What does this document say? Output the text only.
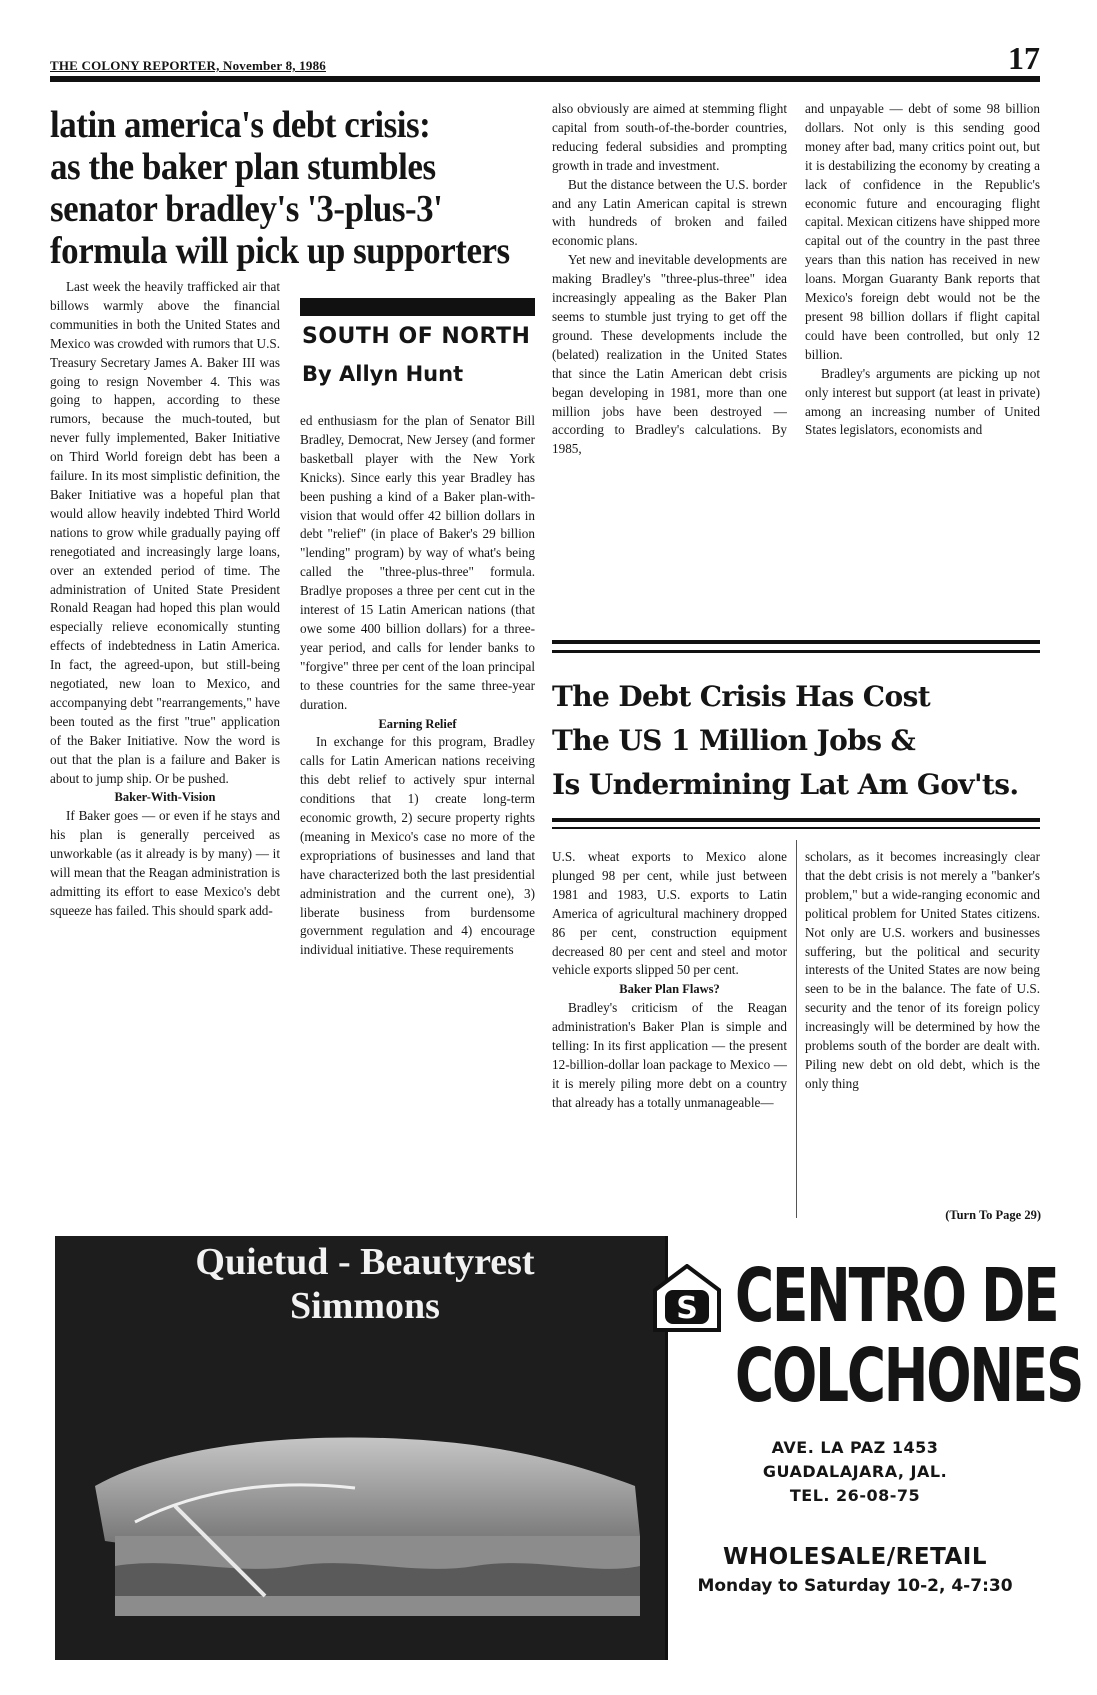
THE COLONY REPORTER, November 8, 1986	17
latin america's debt crisis:
as the baker plan stumbles
senator bradley's '3-plus-3'
formula will pick up supporters
SOUTH OF NORTH
By Allyn Hunt

Last week the heavily trafficked air that billows warmly above the financial communities in both the United States and Mexico was crowded with rumors that U.S. Treasury Secretary James A. Baker III was going to resign November 4. This was going to happen, according to these rumors, because the much-touted, but never fully implemented, Baker Initiative on Third World foreign debt has been a failure. In its most simplistic definition, the Baker Initiative was a hopeful plan that would allow heavily indebted Third World nations to grow while gradually paying off renegotiated and increasingly large loans, over an extended period of time. The administration of United State President Ronald Reagan had hoped this plan would especially relieve economically stunting effects of indebtedness in Latin America. In fact, the agreed-upon, but still-being negotiated, new loan to Mexico, and accompanying debt "rearrangements," have been touted as the first "true" application of the Baker Initiative. Now the word is out that the plan is a failure and Baker is about to jump ship. Or be pushed.

Baker-With-Vision

If Baker goes — or even if he stays and his plan is generally perceived as unworkable (as it already is by many) — it will mean that the Reagan administration is admitting its effort to ease Mexico's debt squeeze has failed. This should spark add-

ed enthusiasm for the plan of Senator Bill Bradley, Democrat, New Jersey (and former basketball player with the New York Knicks). Since early this year Bradley has been pushing a kind of a Baker plan-with-vision that would offer 42 billion dollars in debt "relief" (in place of Baker's 29 billion "lending" program) by way of what's being called the "three-plus-three" formula. Bradlye proposes a three per cent cut in the interest of 15 Latin American nations (that owe some 400 billion dollars) for a three-year period, and calls for lender banks to "forgive" three per cent of the loan principal to these countries for the same three-year duration.

Earning Relief

In exchange for this program, Bradley calls for Latin American nations receiving this debt relief to actively spur internal conditions that 1) create long-term economic growth, 2) secure property rights (meaning in Mexico's case no more of the expropriations of businesses and land that have characterized both the last presidential administration and the current one), 3) liberate business from burdensome government regulation and 4) encourage individual initiative. These requirements

also obviously are aimed at stemming flight capital from south-of-the-border countries, reducing federal subsidies and prompting growth in trade and investment.

But the distance between the U.S. border and any Latin American capital is strewn with hundreds of broken and failed economic plans.

Yet new and inevitable developments are making Bradley's "three-plus-three" idea increasingly appealing as the Baker Plan seems to stumble just trying to get off the ground. These developments include the (belated) realization in the United States that since the Latin American debt crisis began developing in 1981, more than one million jobs have been destroyed — according to Bradley's calculations. By 1985,

and unpayable — debt of some 98 billion dollars. Not only is this sending good money after bad, many critics point out, but it is destabilizing the economy by creating a lack of confidence in the Republic's economic future and encouraging flight capital. Mexican citizens have shipped more capital out of the country in the past three years than this nation has received in new loans. Morgan Guaranty Bank reports that Mexico's foreign debt would not be the present 98 billion dollars if flight capital could have been controlled, but only 12 billion.

Bradley's arguments are picking up not only interest but support (at least in private) among an increasing number of United States legislators, economists and

The Debt Crisis Has Cost
The US 1 Million Jobs &
Is Undermining Lat Am Gov'ts.

U.S. wheat exports to Mexico alone plunged 98 per cent, while just between 1981 and 1983, U.S. exports to Latin America of agricultural machinery dropped 86 per cent, construction equipment decreased 80 per cent and steel and motor vehicle exports slipped 50 per cent.

Baker Plan Flaws?

Bradley's criticism of the Reagan administration's Baker Plan is simple and telling: In its first application — the present 12-billion-dollar loan package to Mexico — it is merely piling more debt on a country that already has a totally unmanageable—

scholars, as it becomes increasingly clear that the debt crisis is not merely a "banker's problem," but a wide-ranging economic and political problem for United States citizens. Not only are U.S. workers and businesses suffering, but the political and security interests of the United States are now being seen to be in the balance. The fate of U.S. security and the tenor of its foreign policy increasingly will be determined by how the problems south of the border are dealt with. Piling new debt on old debt, which is the only thing

(Turn To Page 29)
Quietud - Beautyrest
Simmons	S CENTRO DE
COLCHONES
AVE. LA PAZ 1453
GUADALAJARA, JAL.
TEL. 26-08-75
WHOLESALE/RETAIL
Monday to Saturday 10-2, 4-7:30
